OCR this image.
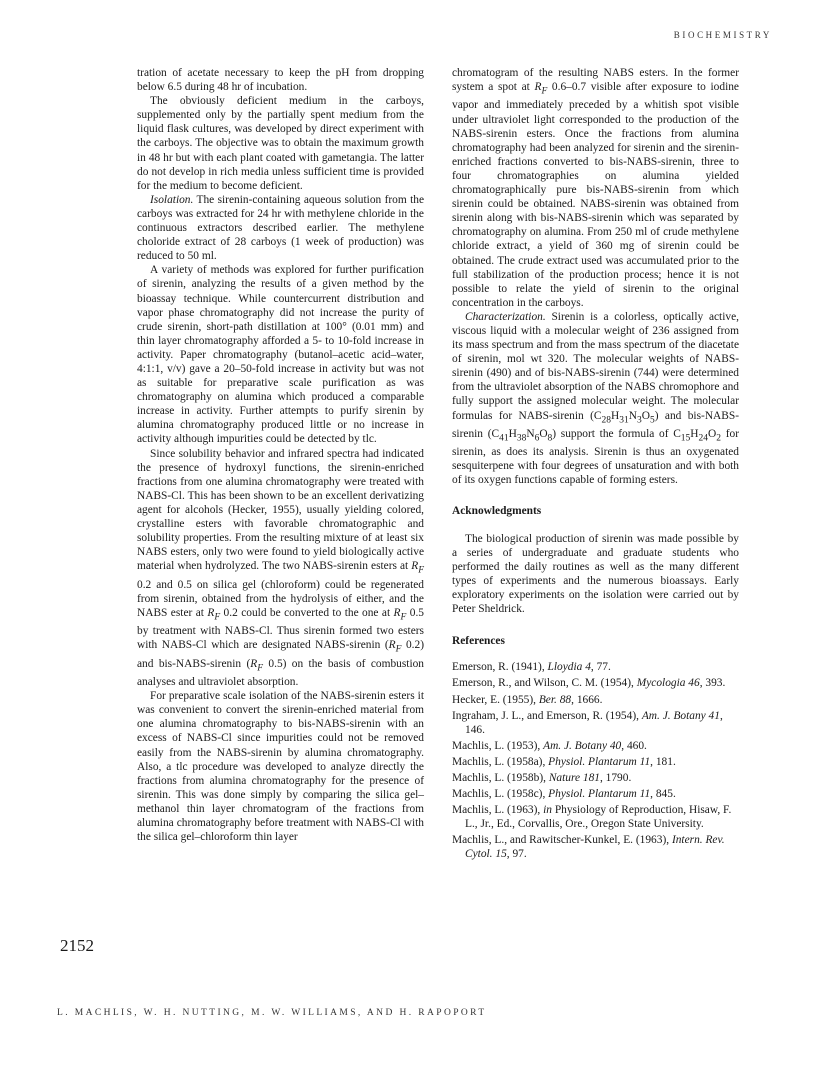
BIOCHEMISTRY

tration of acetate necessary to keep the pH from dropping below 6.5 during 48 hr of incubation.

The obviously deficient medium in the carboys, supplemented only by the partially spent medium from the liquid flask cultures, was developed by direct experiment with the carboys. The objective was to obtain the maximum growth in 48 hr but with each plant coated with gametangia. The latter do not develop in rich media unless sufficient time is provided for the medium to become deficient.

Isolation. The sirenin-containing aqueous solution from the carboys was extracted for 24 hr with methylene chloride in the continuous extractors described earlier. The methylene choloride extract of 28 carboys (1 week of production) was reduced to 50 ml.

A variety of methods was explored for further purification of sirenin, analyzing the results of a given method by the bioassay technique. While countercurrent distribution and vapor phase chromatography did not increase the purity of crude sirenin, short-path distillation at 100° (0.01 mm) and thin layer chromatography afforded a 5- to 10-fold increase in activity. Paper chromatography (butanol–acetic acid–water, 4:1:1, v/v) gave a 20–50-fold increase in activity but was not as suitable for preparative scale purification as was chromatography on alumina which produced a comparable increase in activity. Further attempts to purify sirenin by alumina chromatography produced little or no increase in activity although impurities could be detected by tlc.

Since solubility behavior and infrared spectra had indicated the presence of hydroxyl functions, the sirenin-enriched fractions from one alumina chromatography were treated with NABS-Cl. This has been shown to be an excellent derivatizing agent for alcohols (Hecker, 1955), usually yielding colored, crystalline esters with favorable chromatographic and solubility properties. From the resulting mixture of at least six NABS esters, only two were found to yield biologically active material when hydrolyzed. The two NABS-sirenin esters at $R_F$ 0.2 and 0.5 on silica gel (chloroform) could be regenerated from sirenin, obtained from the hydrolysis of either, and the NABS ester at $R_F$ 0.2 could be converted to the one at $R_F$ 0.5 by treatment with NABS-Cl. Thus sirenin formed two esters with NABS-Cl which are designated NABS-sirenin ($R_F$ 0.2) and bis-NABS-sirenin ($R_F$ 0.5) on the basis of combustion analyses and ultraviolet absorption.

For preparative scale isolation of the NABS-sirenin esters it was convenient to convert the sirenin-enriched material from one alumina chromatography to bis-NABS-sirenin with an excess of NABS-Cl since impurities could not be removed easily from the NABS-sirenin by alumina chromatography. Also, a tlc procedure was developed to analyze directly the fractions from alumina chromatography for the presence of sirenin. This was done simply by comparing the silica gel–methanol thin layer chromatogram of the fractions from alumina chromatography before treatment with NABS-Cl with the silica gel–chloroform thin layer

chromatogram of the resulting NABS esters. In the former system a spot at $R_F$ 0.6–0.7 visible after exposure to iodine vapor and immediately preceded by a whitish spot visible under ultraviolet light corresponded to the production of the NABS-sirenin esters. Once the fractions from alumina chromatography had been analyzed for sirenin and the sirenin-enriched fractions converted to bis-NABS-sirenin, three to four chromatographies on alumina yielded chromatographically pure bis-NABS-sirenin from which sirenin could be obtained. NABS-sirenin was obtained from sirenin along with bis-NABS-sirenin which was separated by chromatography on alumina. From 250 ml of crude methylene chloride extract, a yield of 360 mg of sirenin could be obtained. The crude extract used was accumulated prior to the full stabilization of the production process; hence it is not possible to relate the yield of sirenin to the original concentration in the carboys.

Characterization. Sirenin is a colorless, optically active, viscous liquid with a molecular weight of 236 assigned from its mass spectrum and from the mass spectrum of the diacetate of sirenin, mol wt 320. The molecular weights of NABS-sirenin (490) and of bis-NABS-sirenin (744) were determined from the ultraviolet absorption of the NABS chromophore and fully support the assigned molecular weight. The molecular formulas for NABS-sirenin $(C_{28}H_{31}N_3O_5)$ and bis-NABS-sirenin $(C_{41}H_{38}N_6O_8)$ support the formula of $C_{15}H_{24}O_2$ for sirenin, as does its analysis. Sirenin is thus an oxygenated sesquiterpene with four degrees of unsaturation and with both of its oxygen functions capable of forming esters.

Acknowledgments

The biological production of sirenin was made possible by a series of undergraduate and graduate students who performed the daily routines as well as the many different types of experiments and the numerous bioassays. Early exploratory experiments on the isolation were carried out by Peter Sheldrick.

References
Emerson, R. (1941), Lloydia 4, 77.
Emerson, R., and Wilson, C. M. (1954), Mycologia 46, 393.
Hecker, E. (1955), Ber. 88, 1666.
Ingraham, J. L., and Emerson, R. (1954), Am. J. Botany 41, 146.
Machlis, L. (1953), Am. J. Botany 40, 460.
Machlis, L. (1958a), Physiol. Plantarum 11, 181.
Machlis, L. (1958b), Nature 181, 1790.
Machlis, L. (1958c), Physiol. Plantarum 11, 845.
Machlis, L. (1963), in Physiology of Reproduction, Hisaw, F. L., Jr., Ed., Corvallis, Ore., Oregon State University.
Machlis, L., and Rawitscher-Kunkel, E. (1963), Intern. Rev. Cytol. 15, 97.
2152
L. MACHLIS, W. H. NUTTING, M. W. WILLIAMS, AND H. RAPOPORT
